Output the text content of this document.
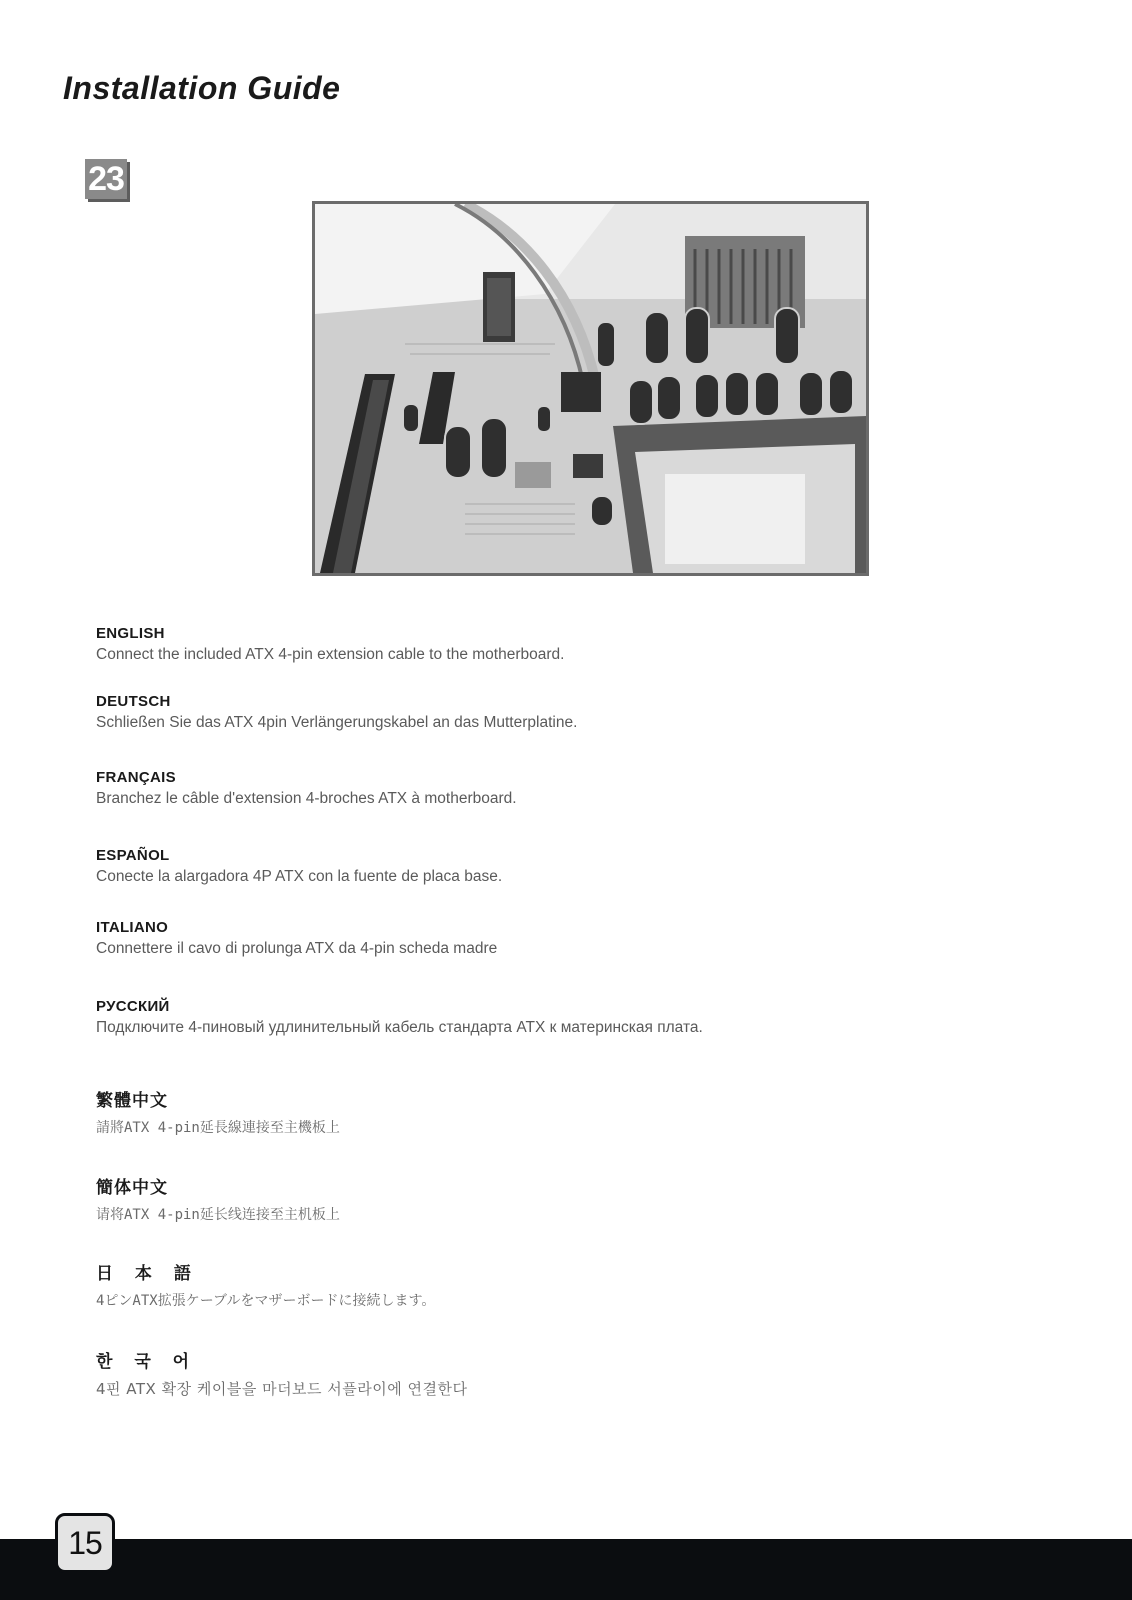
Installation Guide
23
ENGLISH
Connect the included ATX 4-pin extension cable to the motherboard.
DEUTSCH
Schließen Sie das ATX 4pin Verlängerungskabel an das Mutterplatine.
FRANÇAIS
Branchez le câble d'extension 4-broches ATX à motherboard.
ESPAÑOL
Conecte la alargadora 4P ATX con la fuente de placa base.
ITALIANO
Connettere il cavo di prolunga ATX da 4-pin scheda madre
РУССКИЙ
Подключите 4-пиновый удлинительный кабель стандарта ATX к материнская плата.
繁體中文
請將ATX 4-pin延長線連接至主機板上
簡体中文
请将ATX 4-pin延长线连接至主机板上
日 本 語
4ピンATX拡張ケーブルをマザーボードに接続します。
한 국 어
4핀 ATX 확장 케이블을 마더보드 서플라이에 연결한다
15
